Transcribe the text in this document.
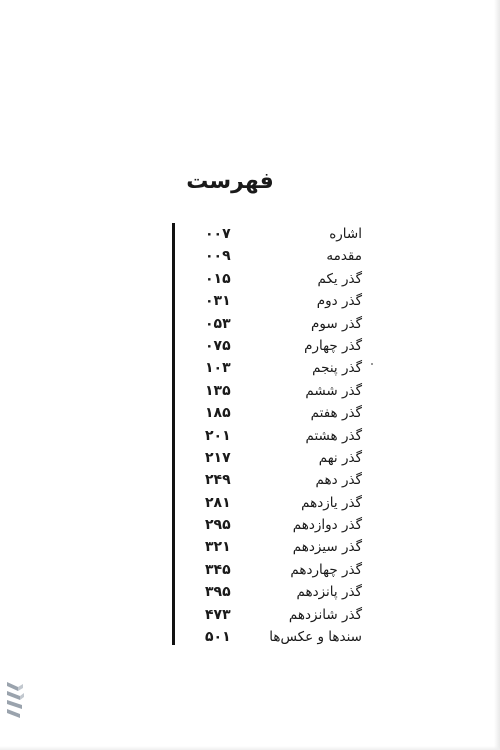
فهرست
اشاره
۰۰۷
مقدمه
۰۰۹
گذر یکم
۰۱۵
گذر دوم
۰۳۱
گذر سوم
۰۵۳
گذر چهارم
۰۷۵
گذر پنجم
۱۰۳
گذر ششم
۱۳۵
گذر هفتم
۱۸۵
گذر هشتم
۲۰۱
گذر نهم
۲۱۷
گذر دهم
۲۴۹
گذر یازدهم
۲۸۱
گذر دوازدهم
۲۹۵
گذر سیزدهم
۳۲۱
گذر چهاردهم
۳۴۵
گذر پانزدهم
۳۹۵
گذر شانزدهم
۴۷۳
سندها و عکس‌ها
۵۰۱
